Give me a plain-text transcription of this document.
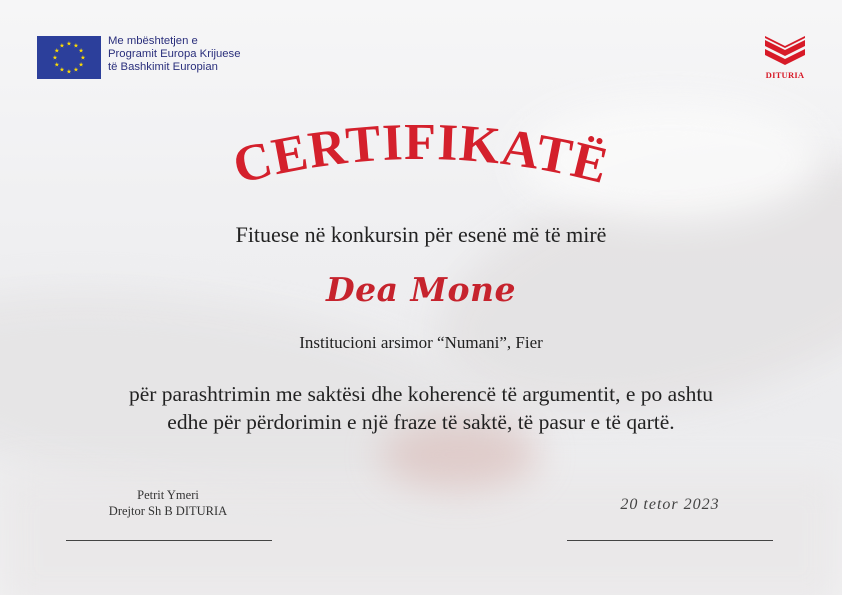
★ ★
★
★
★
★
★
★
★
★
★
★	Me mbështetjen e
Programit Europa Krijuese
të Bashkimit Europian
DITURIA
CERTIFIKATË
Fituese në konkursin për esenë më të mirë
Dea Mone
Institucioni arsimor “Numani”, Fier
për parashtrimin me saktësi dhe koherencë të argumentit, e po ashtu
edhe për përdorimin e një fraze të saktë, të pasur e të qartë.
Petrit Ymeri
Drejtor Sh B DITURIA	20 tetor 2023
